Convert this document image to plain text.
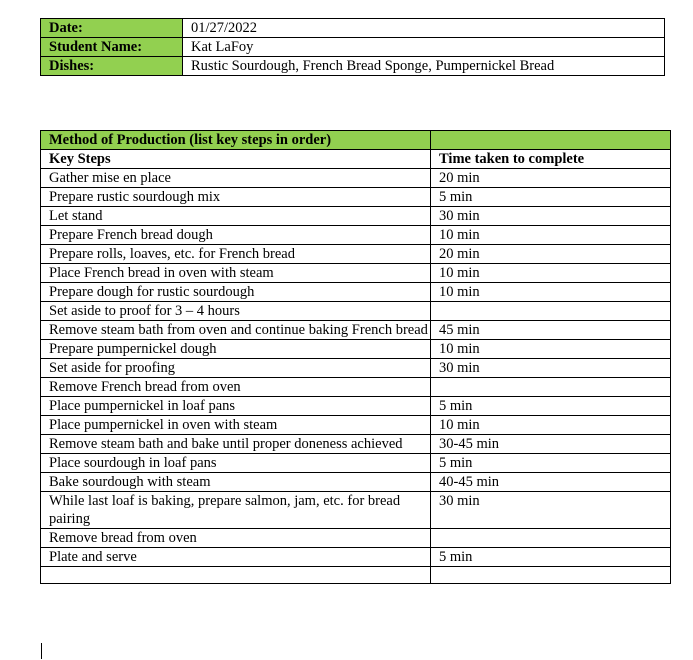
Date:	01/27/2022
Student Name:	Kat LaFoy
Dishes:	Rustic Sourdough, French Bread Sponge, Pumpernickel Bread
Method of Production (list key steps in order)	
Key Steps	Time taken to complete
Gather mise en place	20 min
Prepare rustic sourdough mix	5 min
Let stand	30 min
Prepare French bread dough	10 min
Prepare rolls, loaves, etc. for French bread	20 min
Place French bread in oven with steam	10 min
Prepare dough for rustic sourdough	10 min
Set aside to proof for 3 – 4 hours	
Remove steam bath from oven and continue baking French bread	45 min
Prepare pumpernickel dough	10 min
Set aside for proofing	30 min
Remove French bread from oven	
Place pumpernickel in loaf pans	5 min
Place pumpernickel in oven with steam	10 min
Remove steam bath and bake until proper doneness achieved	30-45 min
Place sourdough in loaf pans	5 min
Bake sourdough with steam	40-45 min
While last loaf is baking, prepare salmon, jam, etc. for bread pairing	30 min
Remove bread from oven	
Plate and serve	5 min
